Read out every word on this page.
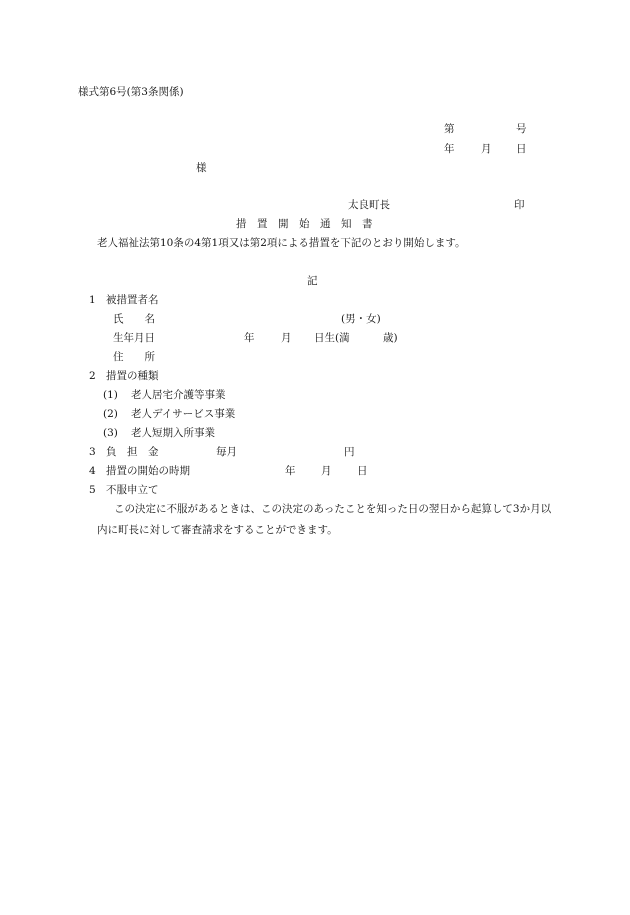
様式第6号(第3条関係)
第	号
年	月 日
様
太良町長	印
措　置　開　始　通　知　書
老人福祉法第10条の4第1項又は第2項による措置を下記のとおり開始します。
記
1 被措置者名
氏　　名	(男・女)
生年月日	年	月 日生(満	歳)
住　　所
2 措置の種類
(1) 老人居宅介護等事業
(2) 老人デイサービス事業
(3) 老人短期入所事業
3 負　担　金	毎月	円
4 措置の開始の時期	年 月 日
5 不服申立て
この決定に不服があるときは、この決定のあったことを知った日の翌日から起算して3か月以内に町長に対して審査請求をすることができます。
